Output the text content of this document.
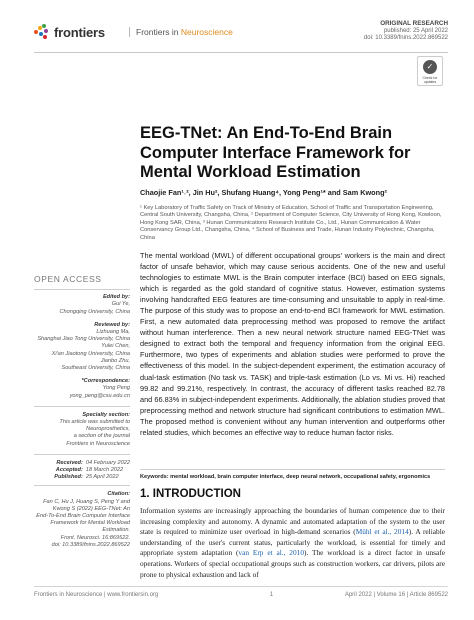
frontiers	Frontiers in Neuroscience
ORIGINAL RESEARCH
published: 25 April 2022
doi: 10.3389/fnins.2022.869522
✓
Check for updates
EEG-TNet: An End-To-End Brain Computer Interface Framework for Mental Workload Estimation
Chaojie Fan¹˒², Jin Hu², Shufang Huang⁴, Yong Peng¹* and Sam Kwong²
¹ Key Laboratory of Traffic Safety on Track of Ministry of Education, School of Traffic and Transportation Engineering, Central South University, Changsha, China, ² Department of Computer Science, City University of Hong Kong, Kowloon, Hong Kong SAR, China, ³ Hunan Communications Research Institute Co., Ltd., Hunan Communication & Water Conservancy Group Ltd., Changsha, China, ⁴ School of Business and Trade, Hunan Industry Polytechnic, Changsha, China
The mental workload (MWL) of different occupational groups' workers is the main and direct factor of unsafe behavior, which may cause serious accidents. One of the new and useful technologies to estimate MWL is the Brain computer interface (BCI) based on EEG signals, which is regarded as the gold standard of cognitive status. However, estimation systems involving handcrafted EEG features are time-consuming and unsuitable to apply in real-time. The purpose of this study was to propose an end-to-end BCI framework for MWL estimation. First, a new automated data preprocessing method was proposed to remove the artifact without human interference. Then a new neural network structure named EEG-TNet was designed to extract both the temporal and frequency information from the original EEG. Furthermore, two types of experiments and ablation studies were performed to prove the effectiveness of this model. In the subject-dependent experiment, the estimation accuracy of dual-task estimation (No task vs. TASK) and triple-task estimation (Lo vs. Mi vs. Hi) reached 99.82 and 99.21%, respectively. In contrast, the accuracy of different tasks reached 82.78 and 66.83% in subject-independent experiments. Additionally, the ablation studies proved that preprocessing method and network structure had significant contributions to estimation MWL. The proposed method is convenient without any human intervention and outperforms other related studies, which becomes an effective way to reduce human factor risks.
Keywords: mental workload, brain computer interface, deep neural network, occupational safety, ergonomics
1. INTRODUCTION
Information systems are increasingly approaching the boundaries of human competence due to their increasing complexity and autonomy. A dynamic and automated adaptation of the system to the user state is required to minimize user overload in high-demand scenarios (Mühl et al., 2014). A reliable understanding of the user's current status, particularly the workload, is essential for timely and appropriate system adaptation (van Erp et al., 2010). The workload is a direct factor in unsafe operations. Workers of special occupational groups such as construction workers, car drivers, pilots are prone to physical exhaustion and lack of
OPEN ACCESS
Edited by:
Gui Ye,
Chongqing University, China
Reviewed by:
Lizhuang Ma,
Shanghai Jiao Tong University, China
Yulei Chen,
Xi'an Jiaotong University, China
Jianbo Zhu,
Southeast University, China
*Correspondence:
Yong Peng
yong_peng@csu.edu.cn
Specialty section:
This article was submitted to
Neuroprosthetics,
a section of the journal
Frontiers in Neuroscience
Received: 04 February 2022
Accepted: 18 March 2022
Published: 25 April 2022
Citation:
Fan C, Hu J, Huang S, Peng Y and
Kwong S (2022) EEG-TNet: An
End-To-End Brain Computer Interface
Framework for Mental Workload
Estimation.
Front. Neurosci. 16:869522.
doi: 10.3389/fnins.2022.869522
Frontiers in Neuroscience | www.frontiersin.org	1	April 2022 | Volume 16 | Article 869522
